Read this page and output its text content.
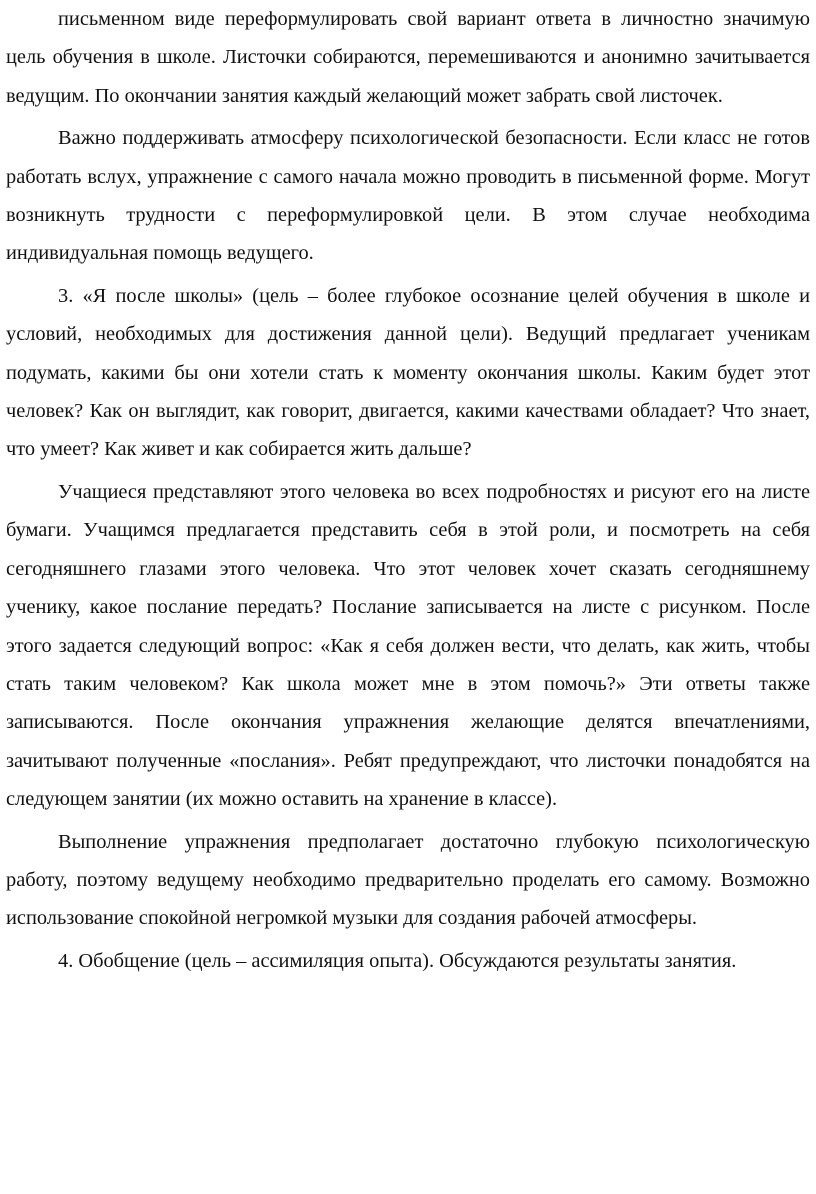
письменном виде переформулировать свой вариант ответа в личностно значимую цель обучения в школе. Листочки собираются, перемешиваются и анонимно зачитывается ведущим. По окончании занятия каждый желающий может забрать свой листочек.

Важно поддерживать атмосферу психологической безопасности. Если класс не готов работать вслух, упражнение с самого начала можно проводить в письменной форме. Могут возникнуть трудности с переформулировкой цели. В этом случае необходима индивидуальная помощь ведущего.

3. «Я после школы» (цель – более глубокое осознание целей обучения в школе и условий, необходимых для достижения данной цели). Ведущий предлагает ученикам подумать, какими бы они хотели стать к моменту окончания школы. Каким будет этот человек? Как он выглядит, как говорит, двигается, какими качествами обладает? Что знает, что умеет? Как живет и как собирается жить дальше?

Учащиеся представляют этого человека во всех подробностях и рисуют его на листе бумаги. Учащимся предлагается представить себя в этой роли, и посмотреть на себя сегодняшнего глазами этого человека. Что этот человек хочет сказать сегодняшнему ученику, какое послание передать? Послание записывается на листе с рисунком. После этого задается следующий вопрос: «Как я себя должен вести, что делать, как жить, чтобы стать таким человеком? Как школа может мне в этом помочь?» Эти ответы также записываются. После окончания упражнения желающие делятся впечатлениями, зачитывают полученные «послания». Ребят предупреждают, что листочки понадобятся на следующем занятии (их можно оставить на хранение в классе).

Выполнение упражнения предполагает достаточно глубокую психологическую работу, поэтому ведущему необходимо предварительно проделать его самому. Возможно использование спокойной негромкой музыки для создания рабочей атмосферы.

4. Обобщение (цель – ассимиляция опыта). Обсуждаются результаты занятия.
